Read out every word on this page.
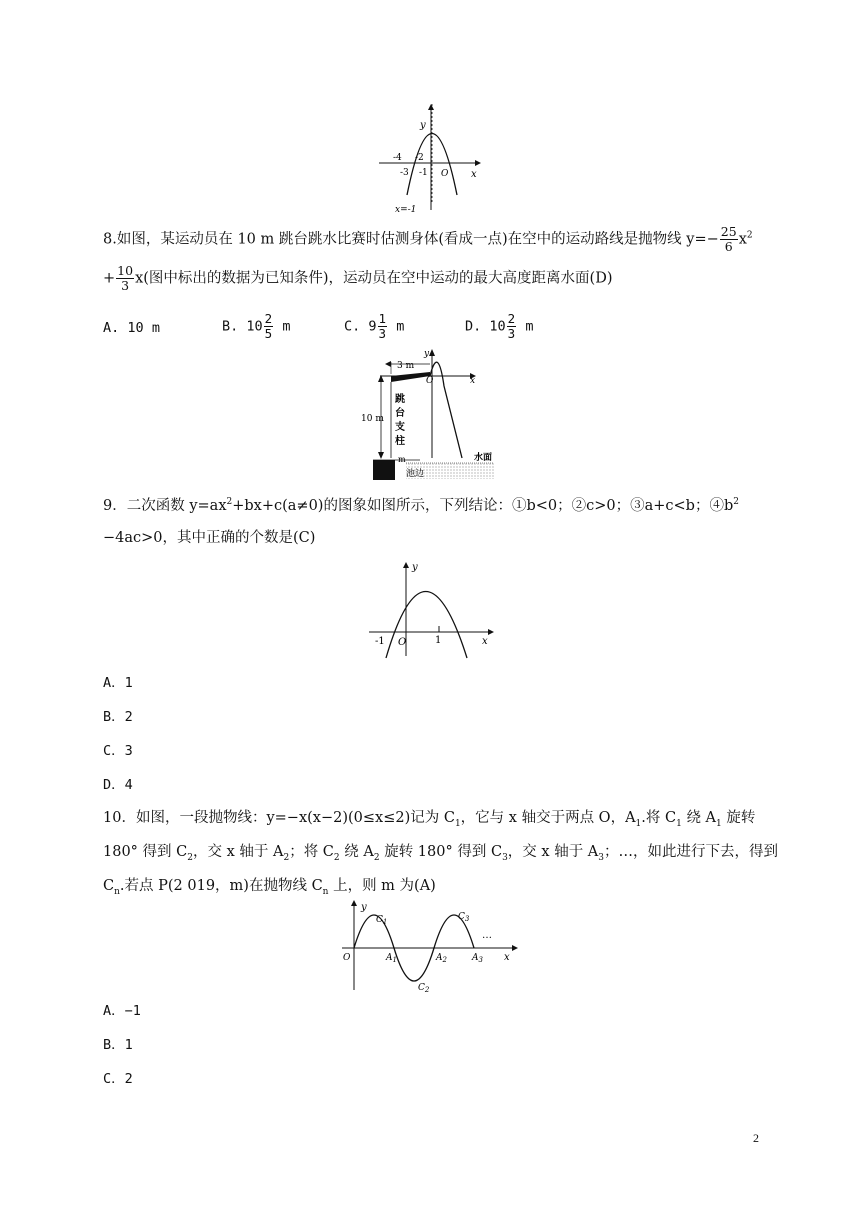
y
-4 -2
-3 -1 O x
x=-1
8.如图，某运动员在 10 m 跳台跳水比赛时估测身体(看成一点)在空中的运动路线是抛物线 $y=- \frac{25}{6} x^2$
+ $\frac{10}{3} x$(图中标出的数据为已知条件)，运动员在空中运动的最大高度距离水面(D)
A. 10 m	B. $10 \frac{2}{5}$ m	C. $9 \frac{1}{3}$ m	D. $10 \frac{2}{3}$ m
3 m
10 m
跳
台
支
柱
O
y
x
水面
m
池边
9．二次函数 $y=ax^2+bx+c(a\ne 0)$的图象如图所示，下列结论：①b<0；②c>0；③a+c<b；$④b^2$
−4ac>0，其中正确的个数是(C)
y
-1 O	1	x
A．1
B．2
C．3
D．4
10．如图，一段抛物线：y=−x(x−2)(0≤x≤2)记为 $C_1$，它与 x 轴交于两点 O，$A_1$.将 $C_1$ 绕 $A_1$ 旋转
180° 得到 $C_2$，交 x 轴于 $A_2$；将 $C_2$ 绕 $A_2$ 旋转 180° 得到 $C_3$，交 x 轴于 $A_3$；…，如此进行下去，得到
$C_n$.若点 P(2 019，m)在抛物线 $C_n$ 上，则 m 为(A)
y
$C_1$	$C_3$
…
O	$A_1$	$A_2$	$A_3$ x
$C_2$
A．−1
B．1
C．2
2
